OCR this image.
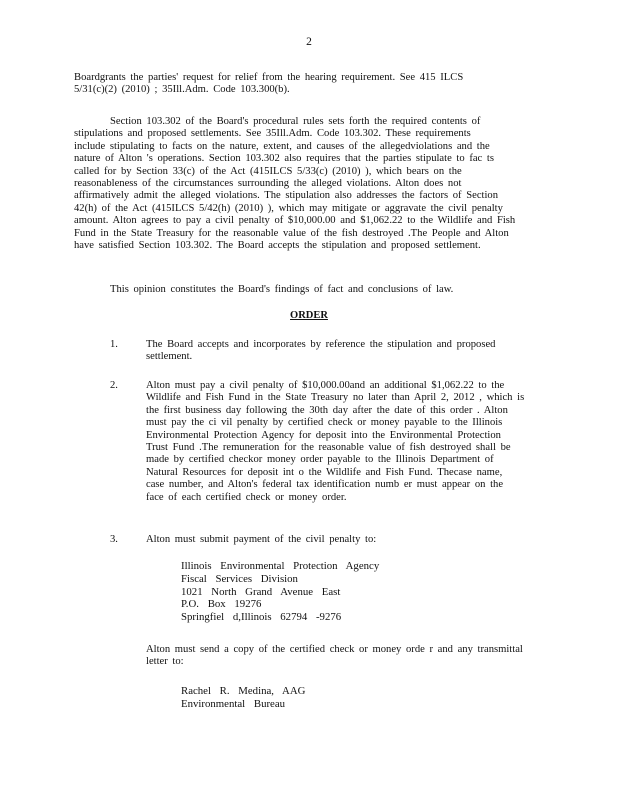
2
Boardgrants the parties' request for relief from the hearing requirement. See 415 ILCS
5/31(c)(2) (2010) ; 35Ill.Adm. Code 103.300(b).
Section 103.302 of the Board's procedural rules sets forth the required contents of
stipulations and proposed settlements. See 35Ill.Adm. Code 103.302. These requirements
include stipulating to facts on the nature, extent, and causes of the allegedviolations and the
nature of Alton 's operations. Section 103.302 also requires that the parties stipulate to fac ts
called for by Section 33(c) of the Act (415ILCS 5/33(c) (2010) ), which bears on the
reasonableness of the circumstances surrounding the alleged violations. Alton does not
affirmatively admit the alleged violations. The stipulation also addresses the factors of Section
42(h) of the Act (415ILCS 5/42(h) (2010) ), which may mitigate or aggravate the civil penalty
amount. Alton agrees to pay a civil penalty of $10,000.00 and $1,062.22 to the Wildlife and Fish
Fund in the State Treasury for the reasonable value of the fish destroyed .The People and Alton
have satisfied Section 103.302. The Board accepts the stipulation and proposed settlement.
This opinion constitutes the Board's findings of fact and conclusions of law.
ORDER
1.	The Board accepts and incorporates by reference the stipulation and proposed
settlement.
2.	Alton must pay a civil penalty of $10,000.00and an additional $1,062.22 to the
Wildlife and Fish Fund in the State Treasury no later than April 2, 2012 , which is
the first business day following the 30th day after the date of this order . Alton
must pay the ci vil penalty by certified check or money payable to the Illinois
Environmental Protection Agency for deposit into the Environmental Protection
Trust Fund .The remuneration for the reasonable value of fish destroyed shall be
made by certified checkor money order payable to the Illinois Department of
Natural Resources for deposit int o the Wildlife and Fish Fund. Thecase name,
case number, and Alton's federal tax identification numb er must appear on the
face of each certified check or money order.
3.	Alton must submit payment of the civil penalty to:
Illinois Environmental Protection Agency
Fiscal Services Division
1021 North Grand Avenue East
P.O. Box 19276
Springfiel d,Illinois 62794 -9276
Alton must send a copy of the certified check or money orde r and any transmittal
letter to:
Rachel R. Medina, AAG
Environmental Bureau
